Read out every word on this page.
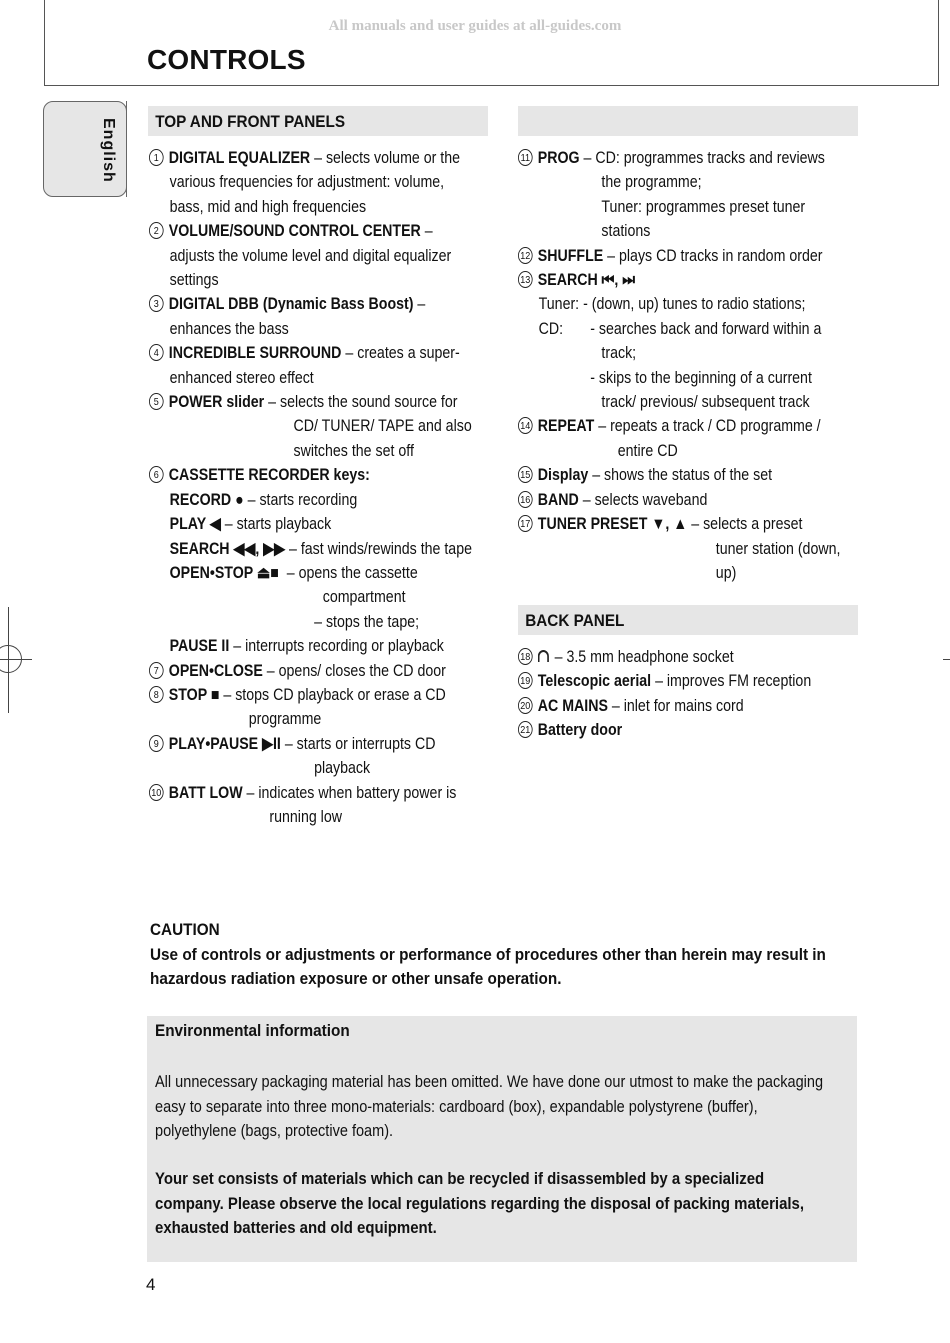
All manuals and user guides at all-guides.com
CONTROLS
English	TOP AND FRONT PANELS
1 DIGITAL EQUALIZER – selects volume or the
various frequencies for adjustment: volume,
bass, mid and high frequencies
2 VOLUME/SOUND CONTROL CENTER –
adjusts the volume level and digital equalizer
settings
3 DIGITAL DBB (Dynamic Bass Boost) –
enhances the bass
4 INCREDIBLE SURROUND – creates a super-
enhanced stereo effect
5 POWER slider – selects the sound source for
CD/ TUNER/ TAPE and also
switches the set off
6 CASSETTE RECORDER keys:
RECORD ● – starts recording
PLAY ◀ – starts playback
SEARCH ◀◀, ▶▶ – fast winds/rewinds the tape
OPEN•STOP ⏏■ – opens the cassette
compartment
– stops the tape;
PAUSE II – interrupts recording or playback
7 OPEN•CLOSE – opens/ closes the CD door
8 STOP ■ – stops CD playback or erase a CD
programme
9 PLAY•PAUSE ▶II – starts or interrupts CD
playback
10 BATT LOW – indicates when battery power is
running low
11 PROG – CD: programmes tracks and reviews
the programme;
Tuner: programmes preset tuner
stations
12 SHUFFLE – plays CD tracks in random order
13 SEARCH ⏮, ⏭
Tuner: - (down, up) tunes to radio stations;
CD: - searches back and forward within a
track;
- skips to the beginning of a current
track/ previous/ subsequent track
14 REPEAT – repeats a track / CD programme /
entire CD
15 Display – shows the status of the set
16 BAND – selects waveband
17 TUNER PRESET ▼, ▲ – selects a preset
tuner station (down,
up)
BACK PANEL
18 – 3.5 mm headphone socket
19 Telescopic aerial – improves FM reception
20 AC MAINS – inlet for mains cord
21 Battery door
CAUTION
Use of controls or adjustments or performance of procedures other than herein may result in hazardous radiation exposure or other unsafe operation.
Environmental information
All unnecessary packaging material has been omitted. We have done our utmost to make the packaging easy to separate into three mono-materials: cardboard (box), expandable polystyrene (buffer), polyethylene (bags, protective foam).
Your set consists of materials which can be recycled if disassembled by a specialized company. Please observe the local regulations regarding the disposal of packing materials, exhausted batteries and old equipment.
4
